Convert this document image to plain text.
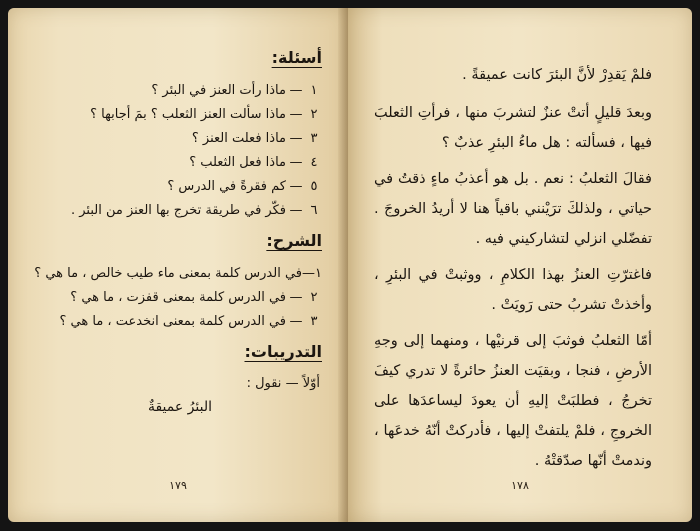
أسئلة:
١
—
ماذا رأت العنز في البئر ؟
٢
—
ماذا سألت العنز الثعلب ؟ بمَ أجابها ؟
٣
—
ماذا فعلت العنز ؟
٤
—
ماذا فعل الثعلب ؟
٥
—
كم فقرةً في الدرس ؟
٦
—
فكّر في طريقة تخرج بها العنز من البئر .
الشرح:
١
—
في الدرس كلمة بمعنى ماء طيب خالص ، ما هي ؟
٢
—
في الدرس كلمة بمعنى قفزت ، ما هي ؟
٣
—
في الدرس كلمة بمعنى انخدعت ، ما هي ؟
التدريبات:
أوّلاً — نقول :
البئرُ عميقةٌ
١٧٩

فلمْ يَقدِرْ لأنَّ البئرَ كانت عميقةً .

وبعدَ قليلٍ أتتْ عنزٌ لتشربَ منها ، فرأتِ الثعلبَ فيها ، فسألته : هل ماءُ البئرِ عذبٌ ؟

فقالَ الثعلبُ : نعم . بل هو أعذبُ ماءٍ ذقتُ في حياتي ، ولذلكَ ترَيْنني باقياً هنا لا أريدُ الخروجَ . تفضّلي انزلي لتشاركيني فيه .

فاغترّتِ العنزُ بهذا الكلامِ ، ووثبتْ في البئرِ ، وأخذتْ تشربُ حتى رَويَتْ .

أمّا الثعلبُ فوثبَ إلى قرنيْها ، ومنهما إلى وجهِ الأرضِ ، فنجا ، وبقيَت العنزُ حائرةً لا تدري كيفَ تخرجُ ، فطلبَتْ إليهِ أن يعودَ ليساعدَها على الخروجِ ، فلمْ يلتفتْ إليها ، فأدركتْ أنّهُ خدعَها ، وندمتْ أنّها صدّقتْهُ .

١٧٨
